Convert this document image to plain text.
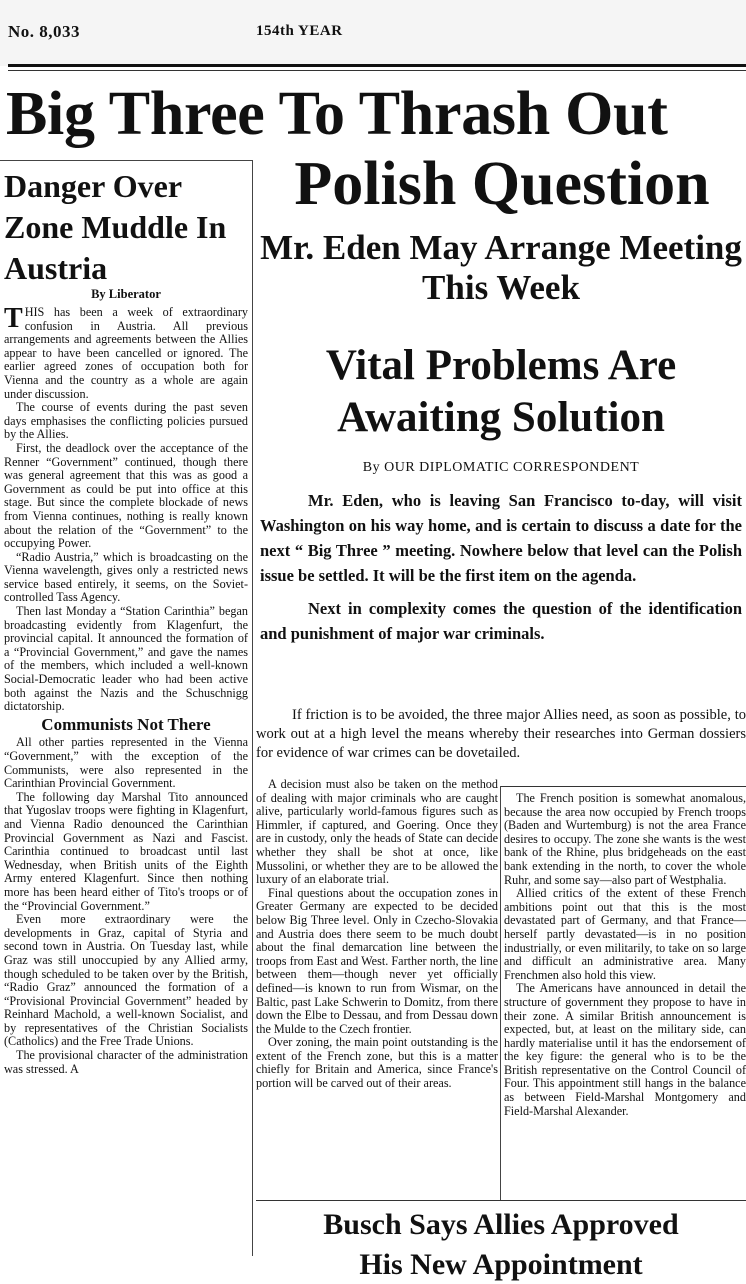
No. 8,033	154th YEAR
Big Three To Thrash Out
Polish Question
Mr. Eden May Arrange Meeting This Week
Vital Problems Are Awaiting Solution
By OUR DIPLOMATIC CORRESPONDENT

Mr. Eden, who is leaving San Francisco to-day, will visit Washington on his way home, and is certain to discuss a date for the next “ Big Three ” meeting. Nowhere below that level can the Polish issue be settled. It will be the first item on the agenda.

Next in complexity comes the question of the identification and punishment of major war criminals.

If friction is to be avoided, the three major Allies need, as soon as possible, to work out at a high level the means whereby their researches into German dossiers for evidence of war crimes can be dovetailed.

Danger Over Zone Muddle In Austria
By Liberator

THIS has been a week of extraordinary confusion in Austria. All previous arrangements and agreements between the Allies appear to have been cancelled or ignored. The earlier agreed zones of occupation both for Vienna and the country as a whole are again under discussion.

The course of events during the past seven days emphasises the conflicting policies pursued by the Allies.

First, the deadlock over the acceptance of the Renner “Government” continued, though there was general agreement that this was as good a Government as could be put into office at this stage. But since the complete blockade of news from Vienna continues, nothing is really known about the relation of the “Government” to the occupying Power.

“Radio Austria,” which is broadcasting on the Vienna wavelength, gives only a restricted news service based entirely, it seems, on the Soviet-controlled Tass Agency.

Then last Monday a “Station Carinthia” began broadcasting evidently from Klagenfurt, the provincial capital. It announced the formation of a “Provincial Government,” and gave the names of the members, which included a well-known Social-Democratic leader who had been active both against the Nazis and the Schuschnigg dictatorship.

Communists Not There

All other parties represented in the Vienna “Government,” with the exception of the Communists, were also represented in the Carinthian Provincial Government.

The following day Marshal Tito announced that Yugoslav troops were fighting in Klagenfurt, and Vienna Radio denounced the Carinthian Provincial Government as Nazi and Fascist. Carinthia continued to broadcast until last Wednesday, when British units of the Eighth Army entered Klagenfurt. Since then nothing more has been heard either of Tito's troops or of the “Provincial Government.”

Even more extraordinary were the developments in Graz, capital of Styria and second town in Austria. On Tuesday last, while Graz was still unoccupied by any Allied army, though scheduled to be taken over by the British, “Radio Graz” announced the formation of a “Provisional Provincial Government” headed by Reinhard Machold, a well-known Socialist, and by representatives of the Christian Socialists (Catholics) and the Free Trade Unions.

The provisional character of the administration was stressed. A

A decision must also be taken on the method of dealing with major criminals who are caught alive, particularly world-famous figures such as Himmler, if captured, and Goering. Once they are in custody, only the heads of State can decide whether they shall be shot at once, like Mussolini, or whether they are to be allowed the luxury of an elaborate trial.

Final questions about the occupation zones in Greater Germany are expected to be decided below Big Three level. Only in Czecho-Slovakia and Austria does there seem to be much doubt about the final demarcation line between the troops from East and West. Farther north, the line between them—though never yet officially defined—is known to run from Wismar, on the Baltic, past Lake Schwerin to Domitz, from there down the Elbe to Dessau, and from Dessau down the Mulde to the Czech frontier.

Over zoning, the main point outstanding is the extent of the French zone, but this is a matter chiefly for Britain and America, since France's portion will be carved out of their areas.

The French position is somewhat anomalous, because the area now occupied by French troops (Baden and Wurtemburg) is not the area France desires to occupy. The zone she wants is the west bank of the Rhine, plus bridgeheads on the east bank extending in the north, to cover the whole Ruhr, and some say—also part of Westphalia.

Allied critics of the extent of these French ambitions point out that this is the most devastated part of Germany, and that France—herself partly devastated—is in no position industrially, or even militarily, to take on so large and difficult an administrative area. Many Frenchmen also hold this view.

The Americans have announced in detail the structure of government they propose to have in their zone. A similar British announcement is expected, but, at least on the military side, can hardly materialise until it has the endorsement of the key figure: the general who is to be the British representative on the Control Council of Four. This appointment still hangs in the balance as between Field-Marshal Montgomery and Field-Marshal Alexander.

Busch Says Allies Approved
His New Appointment
